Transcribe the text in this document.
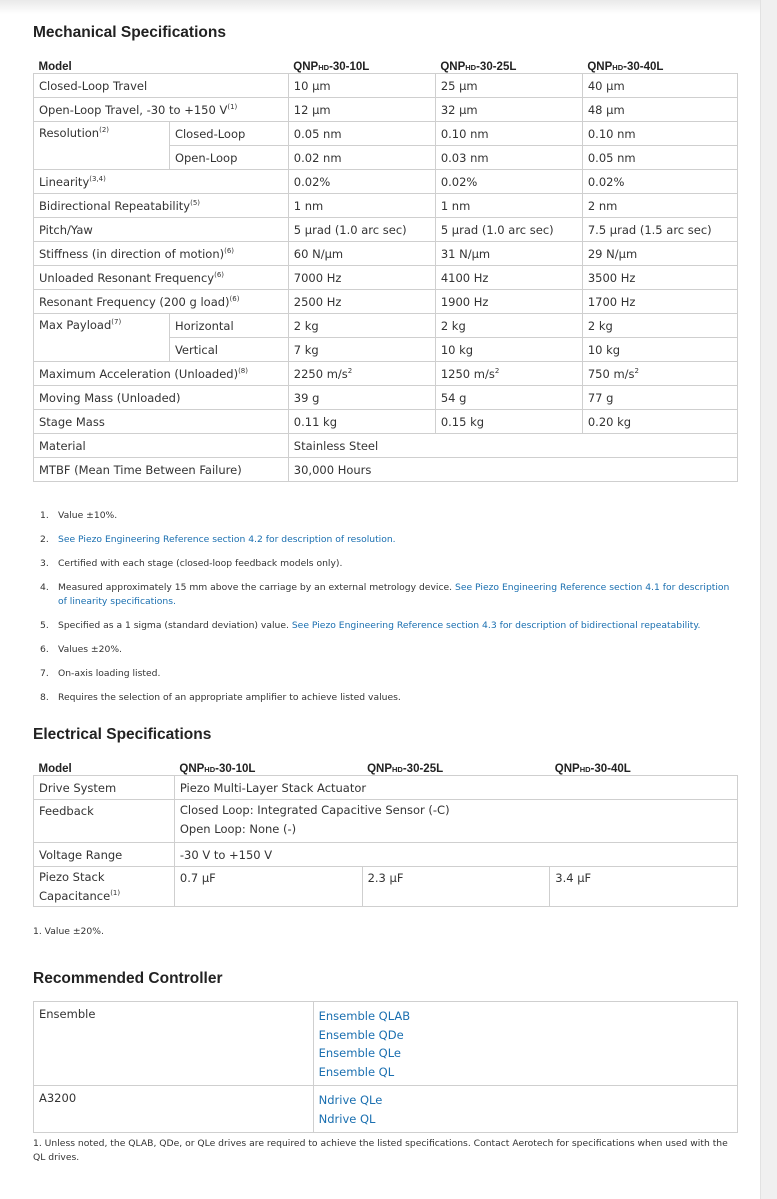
Mechanical Specifications
Model		QNPHD-30-10L	QNPHD-30-25L	QNPHD-30-40L
Closed-Loop Travel		10 µm	25 µm	40 µm
Open-Loop Travel, -30 to +150 $V^{(1)}$		12 µm	32 µm	48 µm
Resolution$^{(2)}$	Closed-Loop	0.05 nm	0.10 nm	0.10 nm
	Open-Loop	0.02 nm	0.03 nm	0.05 nm
Linearity$^{(3,4)}$		0.02%	0.02%	0.02%
Bidirectional Repeatability$^{(5)}$		1 nm	1 nm	2 nm
Pitch/Yaw		5 µrad (1.0 arc sec)	5 µrad (1.0 arc sec)	7.5 µrad (1.5 arc sec)
Stiffness (in direction of motion)$^{(6)}$		60 N/µm	31 N/µm	29 N/µm
Unloaded Resonant Frequency$^{(6)}$		7000 Hz	4100 Hz	3500 Hz
Resonant Frequency (200 g load)$^{(6)}$		2500 Hz	1900 Hz	1700 Hz
Max Payload$^{(7)}$	Horizontal	2 kg	2 kg	2 kg
	Vertical	7 kg	10 kg	10 kg
Maximum Acceleration (Unloaded)$^{(8)}$		2250 $m/s^2$	1250 $m/s^2$	750 $m/s^2$
Moving Mass (Unloaded)		39 g	54 g	77 g
Stage Mass		0.11 kg	0.15 kg	0.20 kg
Material		Stainless Steel		
MTBF (Mean Time Between Failure)		30,000 Hours		
1. Value ±10%.
2. See Piezo Engineering Reference section 4.2 for description of resolution.
3. Certified with each stage (closed-loop feedback models only).
4. Measured approximately 15 mm above the carriage by an external metrology device. See Piezo Engineering Reference section 4.1 for description of linearity specifications.
5. Specified as a 1 sigma (standard deviation) value. See Piezo Engineering Reference section 4.3 for description of bidirectional repeatability.
6. Values ±20%.
7. On-axis loading listed.
8. Requires the selection of an appropriate amplifier to achieve listed values.
Electrical Specifications
Model	QNPHD-30-10L	QNPHD-30-25L	QNPHD-30-40L
Drive System	Piezo Multi-Layer Stack Actuator		
Feedback	Closed Loop: Integrated Capacitive Sensor (-C)
Open Loop: None (-)		

Voltage Range	-30 V to +150 V		

Piezo Stack
Capacitance$^{(1)}$	0.7 µF	2.3 µF	3.4 µF
1. Value ±20%.
Recommended Controller
Ensemble	Ensemble QLAB
Ensemble QDe
Ensemble QLe
Ensemble QL

A3200	Ndrive QLe
Ndrive QL
1. Unless noted, the QLAB, QDe, or QLe drives are required to achieve the listed specifications. Contact Aerotech for specifications when used with the QL drives.
